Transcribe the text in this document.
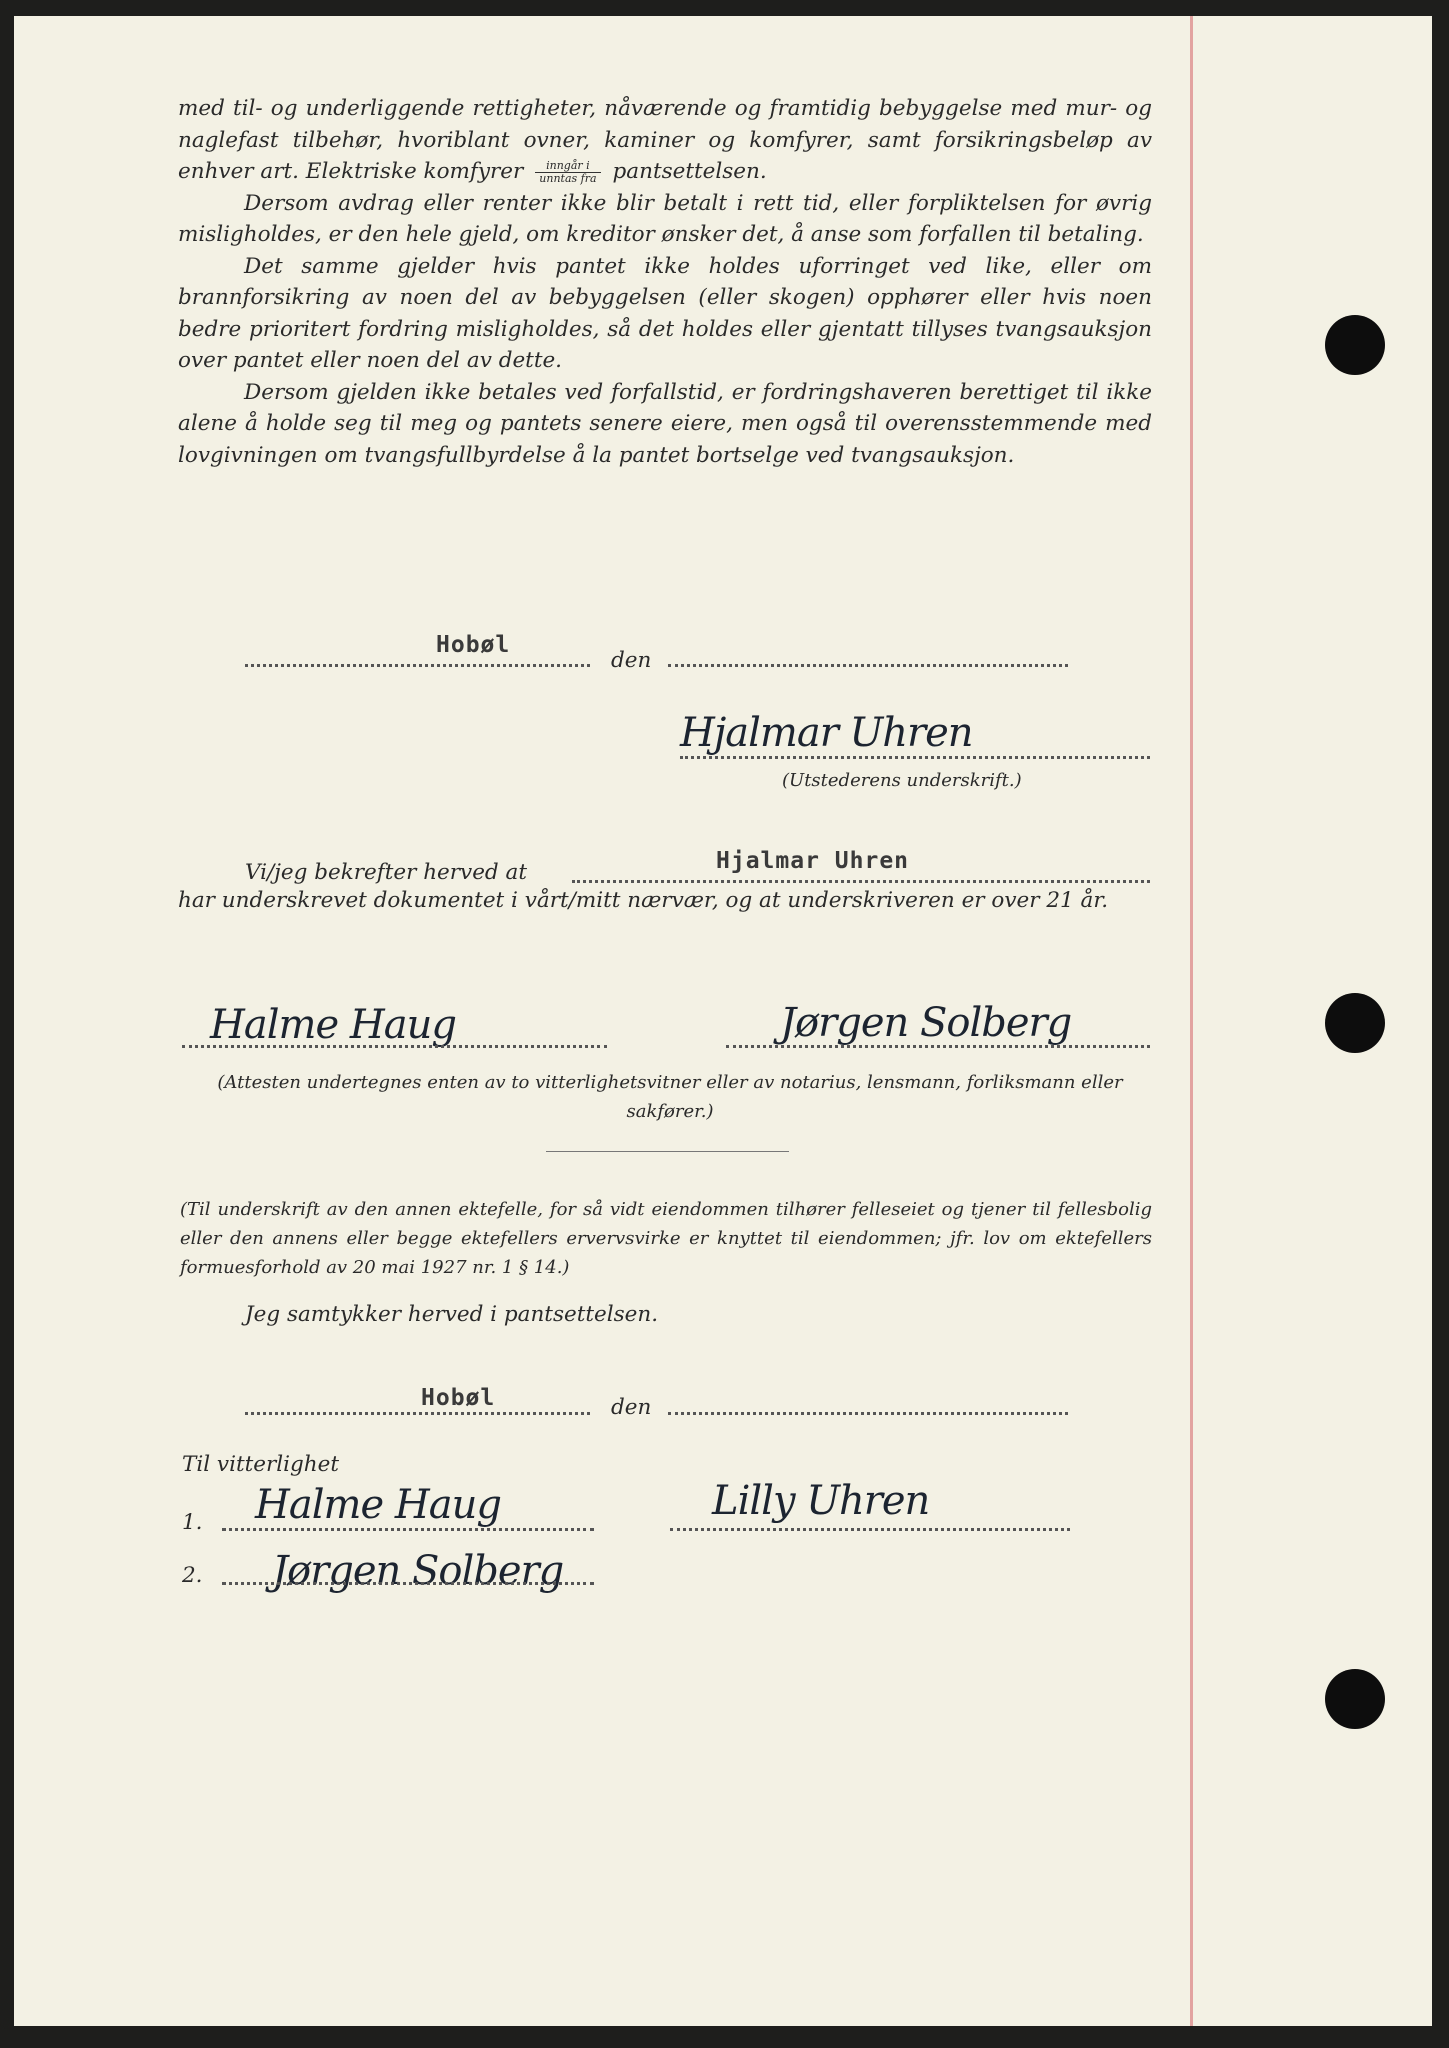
med til- og underliggende rettigheter, nåværende og framtidig bebyggelse med mur- og naglefast tilbehør, hvoriblant ovner, kaminer og komfyrer, samt forsikringsbeløp av enhver art. Elektriske komfyrer $\frac{\text{inngår i}}{\text{unntas fra}}$ pantsettelsen.

Dersom avdrag eller renter ikke blir betalt i rett tid, eller forpliktelsen for øvrig misligholdes, er den hele gjeld, om kreditor ønsker det, å anse som forfallen til betaling.

Det samme gjelder hvis pantet ikke holdes uforringet ved like, eller om brannforsikring av noen del av bebyggelsen (eller skogen) opphører eller hvis noen bedre prioritert fordring misligholdes, så det holdes eller gjentatt tillyses tvangsauksjon over pantet eller noen del av dette.

Dersom gjelden ikke betales ved forfallstid, er fordringshaveren berettiget til ikke alene å holde seg til meg og pantets senere eiere, men også til overensstemmende med lovgivningen om tvangsfullbyrdelse å la pantet bortselge ved tvangsauksjon.

Hobøl
den
Hjalmar Uhren
(Utstederens underskrift.)
Vi/jeg bekrefter herved at	Hjalmar Uhren
har underskrevet dokumentet i vårt/mitt nærvær, og at underskriveren er over 21 år.
Halme Haug	Jørgen Solberg
(Attesten undertegnes enten av to vitterlighetsvitner eller av notarius, lensmann, forliksmann eller sakfører.)
(Til underskrift av den annen ektefelle, for så vidt eiendommen tilhører felleseiet og tjener til fellesbolig eller den annens eller begge ektefellers ervervsvirke er knyttet til eiendommen; jfr. lov om ektefellers formuesforhold av 20 mai 1927 nr. 1 § 14.)
Jeg samtykker herved i pantsettelsen.
Hobøl	den
Til vitterlighet
1. Halme Haug	Lilly Uhren
2. Jørgen Solberg
